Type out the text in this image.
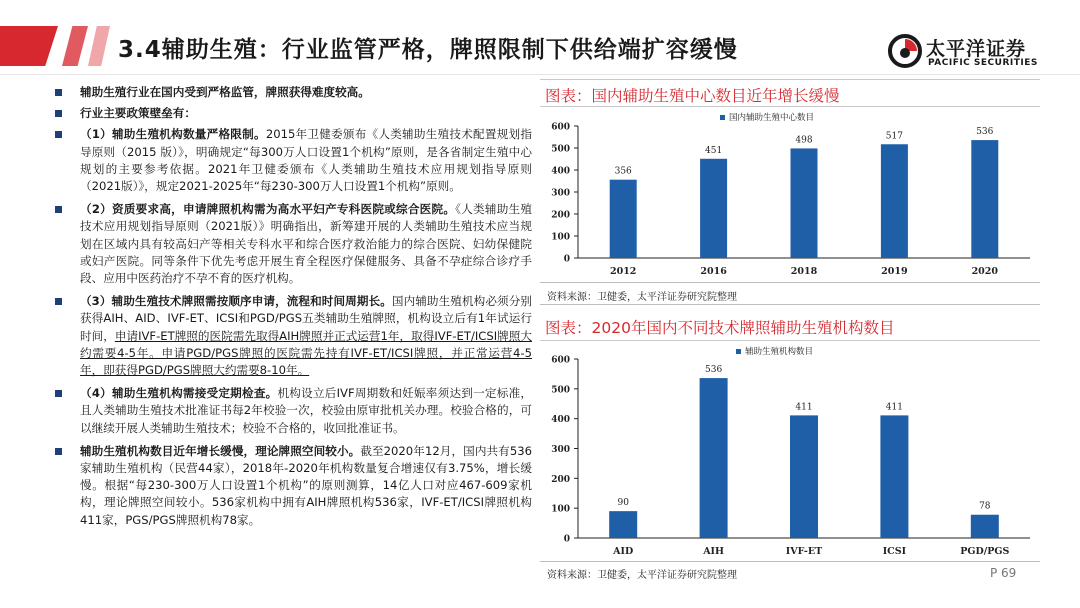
3.4辅助生殖：行业监管严格，牌照限制下供给端扩容缓慢	太平洋证券
PACIFIC SECURITIES
辅助生殖行业在国内受到严格监管，牌照获得难度较高。
行业主要政策壁垒有：
（1）辅助生殖机构数量严格限制。2015年卫健委颁布《人类辅助生殖技术配置规划指导原则（2015 版）》，明确规定“每300万人口设置1个机构”原则，是各省制定生殖中心规划的主要参考依据。2021年卫健委颁布《人类辅助生殖技术应用规划指导原则（2021版）》，规定2021-2025年“每230-300万人口设置1个机构”原则。
（2）资质要求高，申请牌照机构需为高水平妇产专科医院或综合医院。《人类辅助生殖技术应用规划指导原则（2021版）》明确指出，新筹建开展的人类辅助生殖技术应当规划在区域内具有较高妇产等相关专科水平和综合医疗救治能力的综合医院、妇幼保健院或妇产医院。同等条件下优先考虑开展生育全程医疗保健服务、具备不孕症综合诊疗手段、应用中医药治疗不孕不育的医疗机构。
（3）辅助生殖技术牌照需按顺序申请，流程和时间周期长。国内辅助生殖机构必须分别获得AIH、AID、IVF-ET、ICSI和PGD/PGS五类辅助生殖牌照，机构设立后有1年试运行时间，申请IVF-ET牌照的医院需先取得AIH牌照并正式运营1年，取得IVF-ET/ICSI牌照大约需要4-5年。申请PGD/PGS牌照的医院需先持有IVF-ET/ICSI牌照，并正常运营4-5年，即获得PGD/PGS牌照大约需要8-10年。
（4）辅助生殖机构需接受定期检查。机构设立后IVF周期数和妊娠率须达到一定标准，且人类辅助生殖技术批准证书每2年校验一次，校验由原审批机关办理。校验合格的，可以继续开展人类辅助生殖技术；校验不合格的，收回批准证书。
辅助生殖机构数目近年增长缓慢，理论牌照空间较小。截至2020年12月，国内共有536家辅助生殖机构（民营44家），2018年-2020年机构数量复合增速仅有3.75%，增长缓慢。根据“每230-300万人口设置1个机构”的原则测算，14亿人口对应467-609家机构，理论牌照空间较小。536家机构中拥有AIH牌照机构536家，IVF-ET/ICSI牌照机构411家，PGS/PGS牌照机构78家。
图表：国内辅助生殖中心数目近年增长缓慢
0
100
200
300
400
500
600
国内辅助生殖中心数目
356
2012
451
2016
498
2018
517
2019
536
2020
资料来源：卫健委，太平洋证券研究院整理
图表：2020年国内不同技术牌照辅助生殖机构数目
0
100
200
300
400
500
600
辅助生殖机构数目
90
AID
536
AIH
411
IVF-ET
411
ICSI
78
PGD/PGS
资料来源：卫健委，太平洋证券研究院整理	P 69
